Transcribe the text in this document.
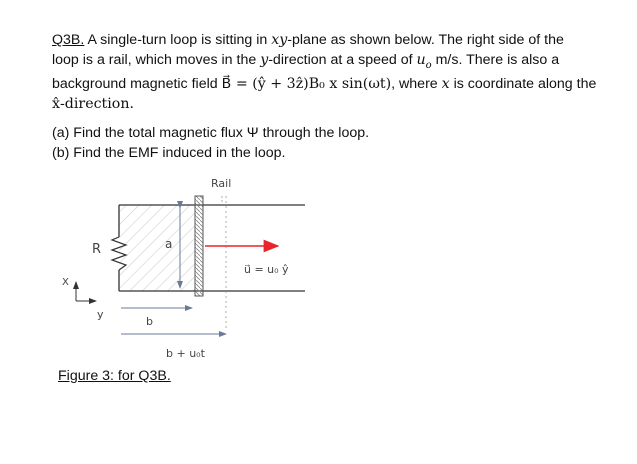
Q3B. A single-turn loop is sitting in xy-plane as shown below. The right side of the
loop is a rail, which moves in the y-direction at a speed of $u_o$ m/s. There is also a
background magnetic field B⃗ = (ŷ + 3ẑ)B₀ x sin(ωt), where x is coordinate along the
x̂-direction.

(a) Find the total magnetic flux Ψ through the loop.

(b) Find the EMF induced in the loop.

R	a
Rail
u⃗ = u₀ ŷ
X
y
b
b + u₀t
Figure 3: for Q3B.
